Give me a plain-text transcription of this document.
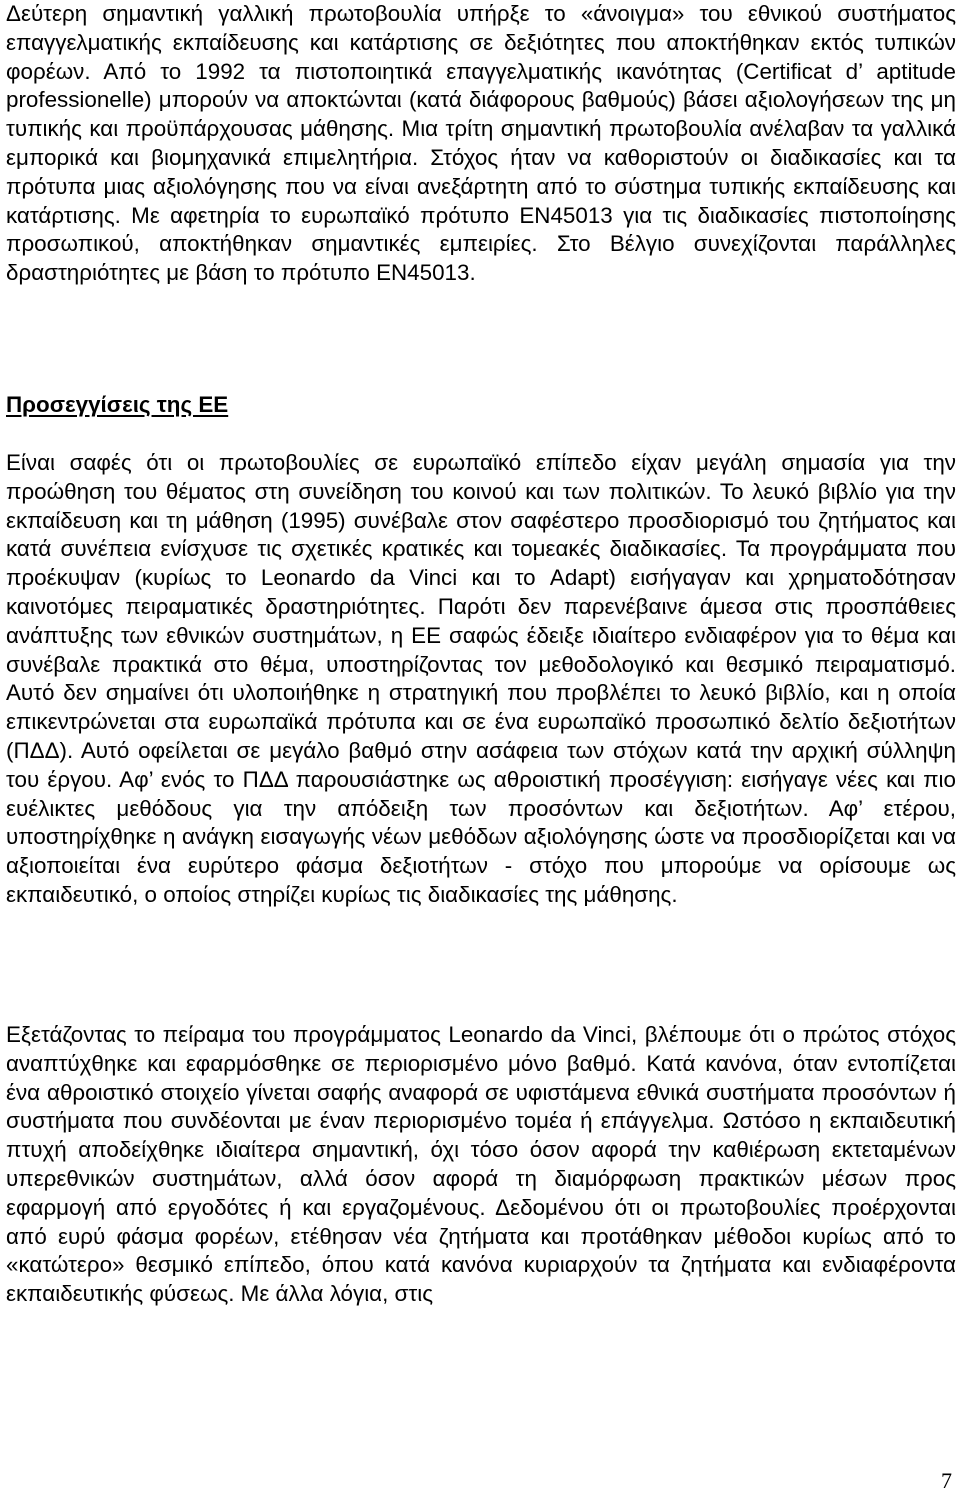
Δεύτερη σημαντική γαλλική πρωτοβουλία υπήρξε το «άνοιγμα» του εθνικού συστήματος επαγγελματικής εκπαίδευσης και κατάρτισης σε δεξιότητες που αποκτήθηκαν εκτός τυπικών φορέων. Από το 1992 τα πιστοποιητικά επαγγελματικής ικανότητας (Certificat d’ aptitude professionelle) μπορούν να αποκτώνται (κατά διάφορους βαθμούς) βάσει αξιολογήσεων της μη τυπικής και προϋπάρχουσας μάθησης. Μια τρίτη σημαντική πρωτοβουλία ανέλαβαν τα γαλλικά εμπορικά και βιομηχανικά επιμελητήρια. Στόχος ήταν να καθοριστούν οι διαδικασίες και τα πρότυπα μιας αξιολόγησης που να είναι ανεξάρτητη από το σύστημα τυπικής εκπαίδευσης και κατάρτισης. Με αφετηρία το ευρωπαϊκό πρότυπο ΕΝ45013 για τις διαδικασίες πιστοποίησης προσωπικού, αποκτήθηκαν σημαντικές εμπειρίες. Στο Βέλγιο συνεχίζονται παράλληλες δραστηριότητες με βάση το πρότυπο ΕΝ45013.

Είναι σαφές ότι οι πρωτοβουλίες σε ευρωπαϊκό επίπεδο είχαν μεγάλη σημασία για την προώθηση του θέματος στη συνείδηση του κοινού και των πολιτικών. Το λευκό βιβλίο για την εκπαίδευση και τη μάθηση (1995) συνέβαλε στον σαφέστερο προσδιορισμό του ζητήματος και κατά συνέπεια ενίσχυσε τις σχετικές κρατικές και τομεακές διαδικασίες. Τα προγράμματα που προέκυψαν (κυρίως το Leonardo da Vinci και το Adapt) εισήγαγαν και χρηματοδότησαν καινοτόμες πειραματικές δραστηριότητες. Παρότι δεν παρενέβαινε άμεσα στις προσπάθειες ανάπτυξης των εθνικών συστημάτων, η ΕΕ σαφώς έδειξε ιδιαίτερο ενδιαφέρον για το θέμα και συνέβαλε πρακτικά στο θέμα, υποστηρίζοντας τον μεθοδολογικό και θεσμικό πειραματισμό. Αυτό δεν σημαίνει ότι υλοποιήθηκε η στρατηγική που προβλέπει το λευκό βιβλίο, και η οποία επικεντρώνεται στα ευρωπαϊκά πρότυπα και σε ένα ευρωπαϊκό προσωπικό δελτίο δεξιοτήτων (ΠΔΔ). Αυτό οφείλεται σε μεγάλο βαθμό στην ασάφεια των στόχων κατά την αρχική σύλληψη του έργου. Αφ’ ενός το ΠΔΔ παρουσιάστηκε ως αθροιστική προσέγγιση: εισήγαγε νέες και πιο ευέλικτες μεθόδους για την απόδειξη των προσόντων και δεξιοτήτων. Αφ’ ετέρου, υποστηρίχθηκε η ανάγκη εισαγωγής νέων μεθόδων αξιολόγησης ώστε να προσδιορίζεται και να αξιοποιείται ένα ευρύτερο φάσμα δεξιοτήτων - στόχο που μπορούμε να ορίσουμε ως εκπαιδευτικό, ο οποίος στηρίζει κυρίως τις διαδικασίες της μάθησης.

Εξετάζοντας το πείραμα του προγράμματος Leonardo da Vinci, βλέπουμε ότι ο πρώτος στόχος αναπτύχθηκε και εφαρμόσθηκε σε περιορισμένο μόνο βαθμό. Κατά κανόνα, όταν εντοπίζεται ένα αθροιστικό στοιχείο γίνεται σαφής αναφορά σε υφιστάμενα εθνικά συστήματα προσόντων ή συστήματα που συνδέονται με έναν περιορισμένο τομέα ή επάγγελμα. Ωστόσο η εκπαιδευτική πτυχή αποδείχθηκε ιδιαίτερα σημαντική, όχι τόσο όσον αφορά την καθιέρωση εκτεταμένων υπερεθνικών συστημάτων, αλλά όσον αφορά τη διαμόρφωση πρακτικών μέσων προς εφαρμογή από εργοδότες ή και εργαζομένους. Δεδομένου ότι οι πρωτοβουλίες προέρχονται από ευρύ φάσμα φορέων, ετέθησαν νέα ζητήματα και προτάθηκαν μέθοδοι κυρίως από το «κατώτερο» θεσμικό επίπεδο, όπου κατά κανόνα κυριαρχούν τα ζητήματα και ενδιαφέροντα εκπαιδευτικής φύσεως. Με άλλα λόγια, στις

Προσεγγίσεις της ΕΕ
7
